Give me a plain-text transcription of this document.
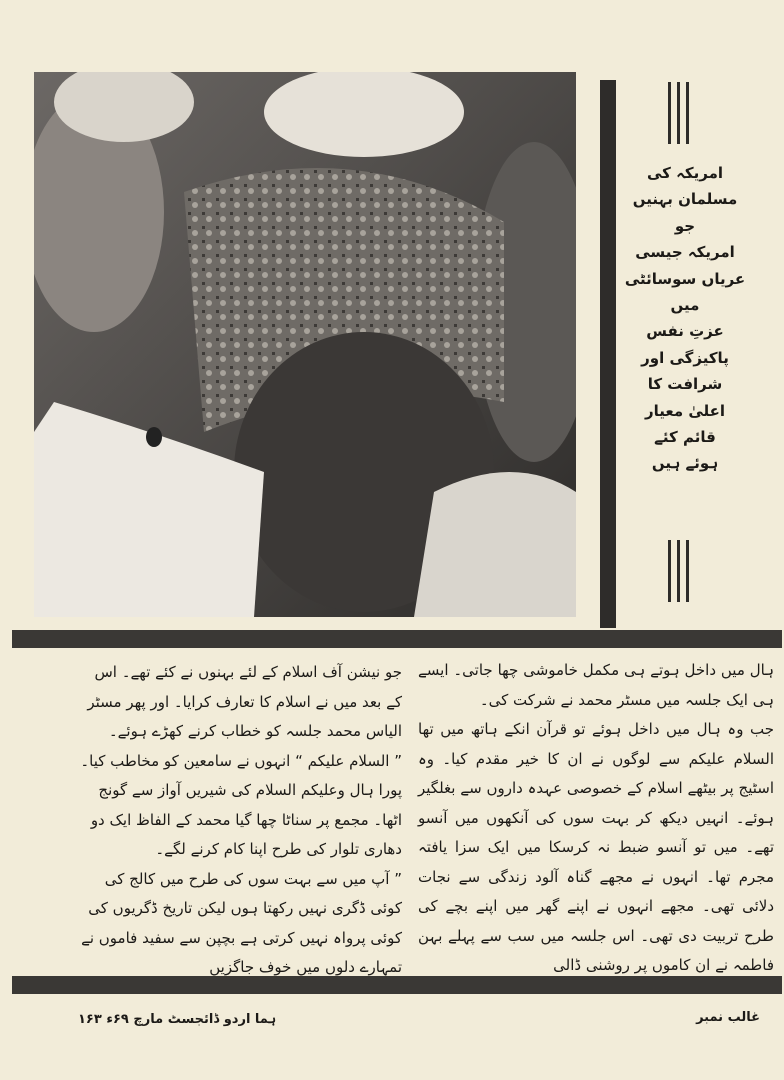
امریکہ کی
مسلمان بہنیں
جو
امریکہ جیسی
عریاں سوسائٹی
میں
عزتِ نفس
پاکیزگی اور
شرافت کا
اعلیٰ معیار
قائم کئے
ہوئے ہیں

ہال میں داخل ہوتے ہی مکمل خاموشی چھا جاتی۔ ایسے ہی ایک جلسہ میں مسٹر محمد نے شرکت کی۔

جب وہ ہال میں داخل ہوئے تو قرآن انکے ہاتھ میں تھا السلام علیکم سے لوگوں نے ان کا خیر مقدم کیا۔ وہ اسٹیج پر بیٹھے اسلام کے خصوصی عہدہ داروں سے بغلگیر ہوئے۔ انہیں دیکھ کر بہت سوں کی آنکھوں میں آنسو تھے۔ میں تو آنسو ضبط نہ کرسکا میں ایک سزا یافتہ مجرم تھا۔ انہوں نے مجھے گناہ آلود زندگی سے نجات دلائی تھی۔ مجھے انہوں نے اپنے گھر میں اپنے بچے کی طرح تربیت دی تھی۔ اس جلسہ میں سب سے پہلے بہن فاطمہ نے ان کاموں پر روشنی ڈالی

جو نیشن آف اسلام کے لئے بہنوں نے کئے تھے۔ اس کے بعد میں نے اسلام کا تعارف کرایا۔ اور پھر مسٹر الیاس محمد جلسہ کو خطاب کرنے کھڑے ہوئے۔

” السلام علیکم “ انہوں نے سامعین کو مخاطب کیا۔ پورا ہال وعلیکم السلام کی شیریں آواز سے گونج اٹھا۔ مجمع پر سناٹا چھا گیا محمد کے الفاظ ایک دو دھاری تلوار کی طرح اپنا کام کرنے لگے۔

” آپ میں سے بہت سوں کی طرح میں کالج کی کوئی ڈگری نہیں رکھتا ہوں لیکن تاریخ ڈگریوں کی کوئی پرواہ نہیں کرتی ہے بچپن سے سفید فاموں نے تمہارے دلوں میں خوف جاگزیں

ہما اردو ڈائجسٹ مارچ ۶۹ء ۱۶۳	غالب نمبر
